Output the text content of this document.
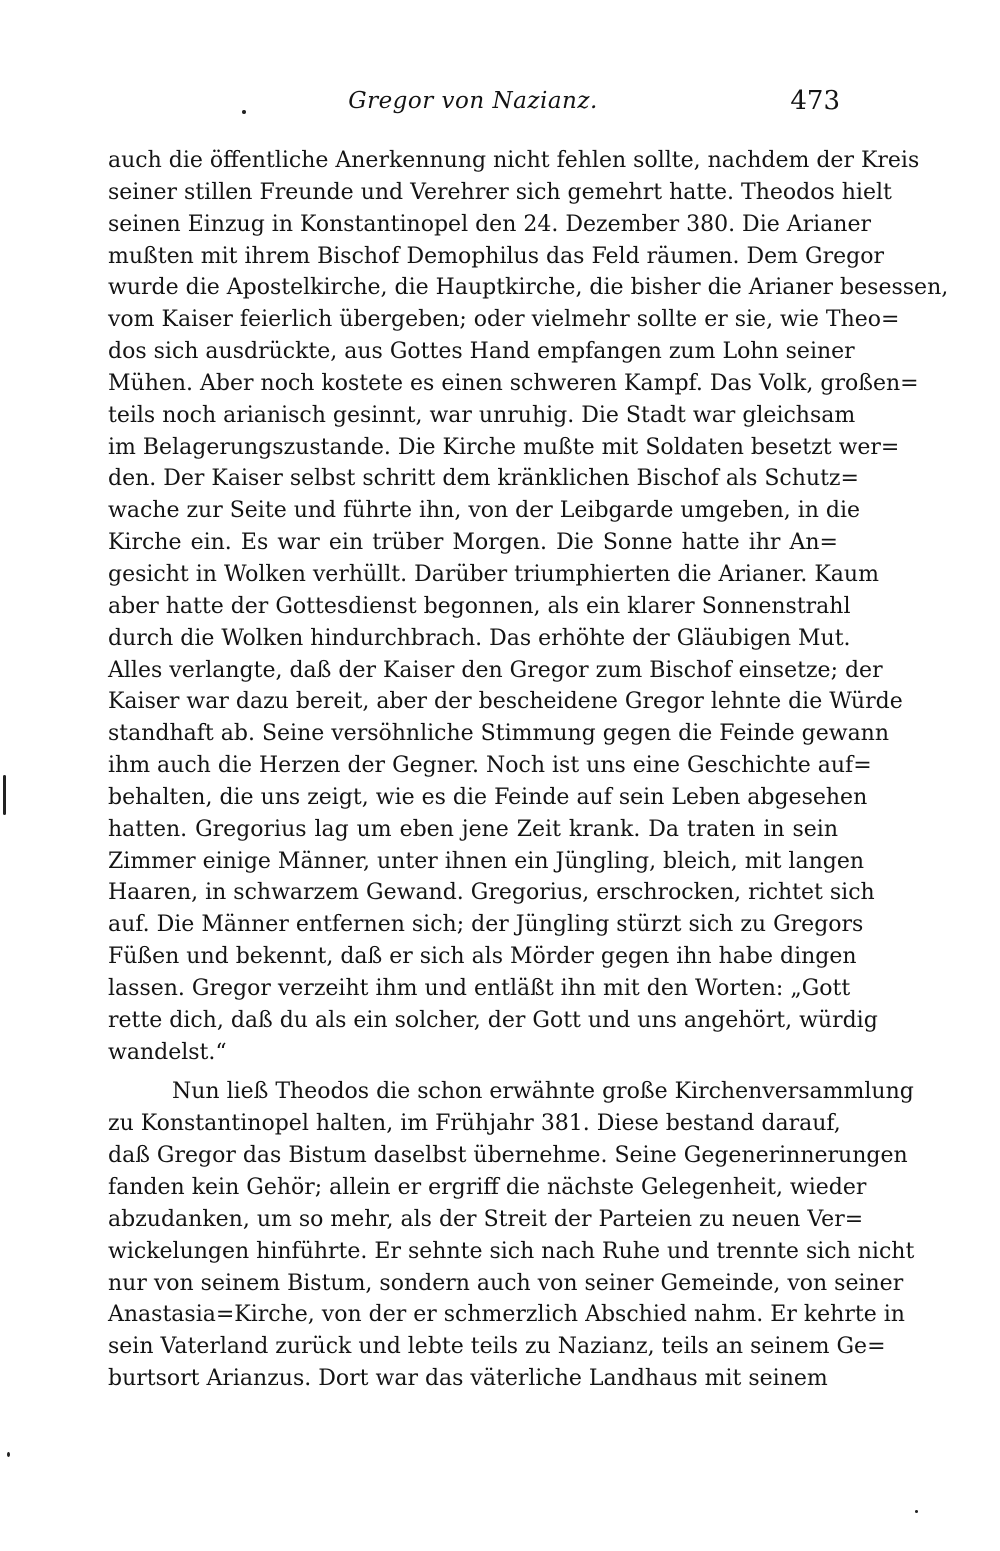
Gregor von Nazianz.	473
auch die öffentliche Anerkennung nicht fehlen sollte, nachdem der Kreis
seiner stillen Freunde und Verehrer sich gemehrt hatte. Theodos hielt
seinen Einzug in Konstantinopel den 24. Dezember 380. Die Arianer
mußten mit ihrem Bischof Demophilus das Feld räumen. Dem Gregor
wurde die Apostelkirche, die Hauptkirche, die bisher die Arianer besessen,
vom Kaiser feierlich übergeben; oder vielmehr sollte er sie, wie Theo=
dos sich ausdrückte, aus Gottes Hand empfangen zum Lohn seiner
Mühen. Aber noch kostete es einen schweren Kampf. Das Volk, großen=
teils noch arianisch gesinnt, war unruhig. Die Stadt war gleichsam
im Belagerungszustande. Die Kirche mußte mit Soldaten besetzt wer=
den. Der Kaiser selbst schritt dem kränklichen Bischof als Schutz=
wache zur Seite und führte ihn, von der Leibgarde umgeben, in die
Kirche ein. Es war ein trüber Morgen. Die Sonne hatte ihr An=
gesicht in Wolken verhüllt. Darüber triumphierten die Arianer. Kaum
aber hatte der Gottesdienst begonnen, als ein klarer Sonnenstrahl
durch die Wolken hindurchbrach. Das erhöhte der Gläubigen Mut.
Alles verlangte, daß der Kaiser den Gregor zum Bischof einsetze; der
Kaiser war dazu bereit, aber der bescheidene Gregor lehnte die Würde
standhaft ab. Seine versöhnliche Stimmung gegen die Feinde gewann
ihm auch die Herzen der Gegner. Noch ist uns eine Geschichte auf=
behalten, die uns zeigt, wie es die Feinde auf sein Leben abgesehen
hatten. Gregorius lag um eben jene Zeit krank. Da traten in sein
Zimmer einige Männer, unter ihnen ein Jüngling, bleich, mit langen
Haaren, in schwarzem Gewand. Gregorius, erschrocken, richtet sich
auf. Die Männer entfernen sich; der Jüngling stürzt sich zu Gregors
Füßen und bekennt, daß er sich als Mörder gegen ihn habe dingen
lassen. Gregor verzeiht ihm und entläßt ihn mit den Worten: „Gott
rette dich, daß du als ein solcher, der Gott und uns angehört, würdig
wandelst.“
Nun ließ Theodos die schon erwähnte große Kirchenversammlung
zu Konstantinopel halten, im Frühjahr 381. Diese bestand darauf,
daß Gregor das Bistum daselbst übernehme. Seine Gegenerinnerungen
fanden kein Gehör; allein er ergriff die nächste Gelegenheit, wieder
abzudanken, um so mehr, als der Streit der Parteien zu neuen Ver=
wickelungen hinführte. Er sehnte sich nach Ruhe und trennte sich nicht
nur von seinem Bistum, sondern auch von seiner Gemeinde, von seiner
Anastasia=Kirche, von der er schmerzlich Abschied nahm. Er kehrte in
sein Vaterland zurück und lebte teils zu Nazianz, teils an seinem Ge=
burtsort Arianzus. Dort war das väterliche Landhaus mit seinem
